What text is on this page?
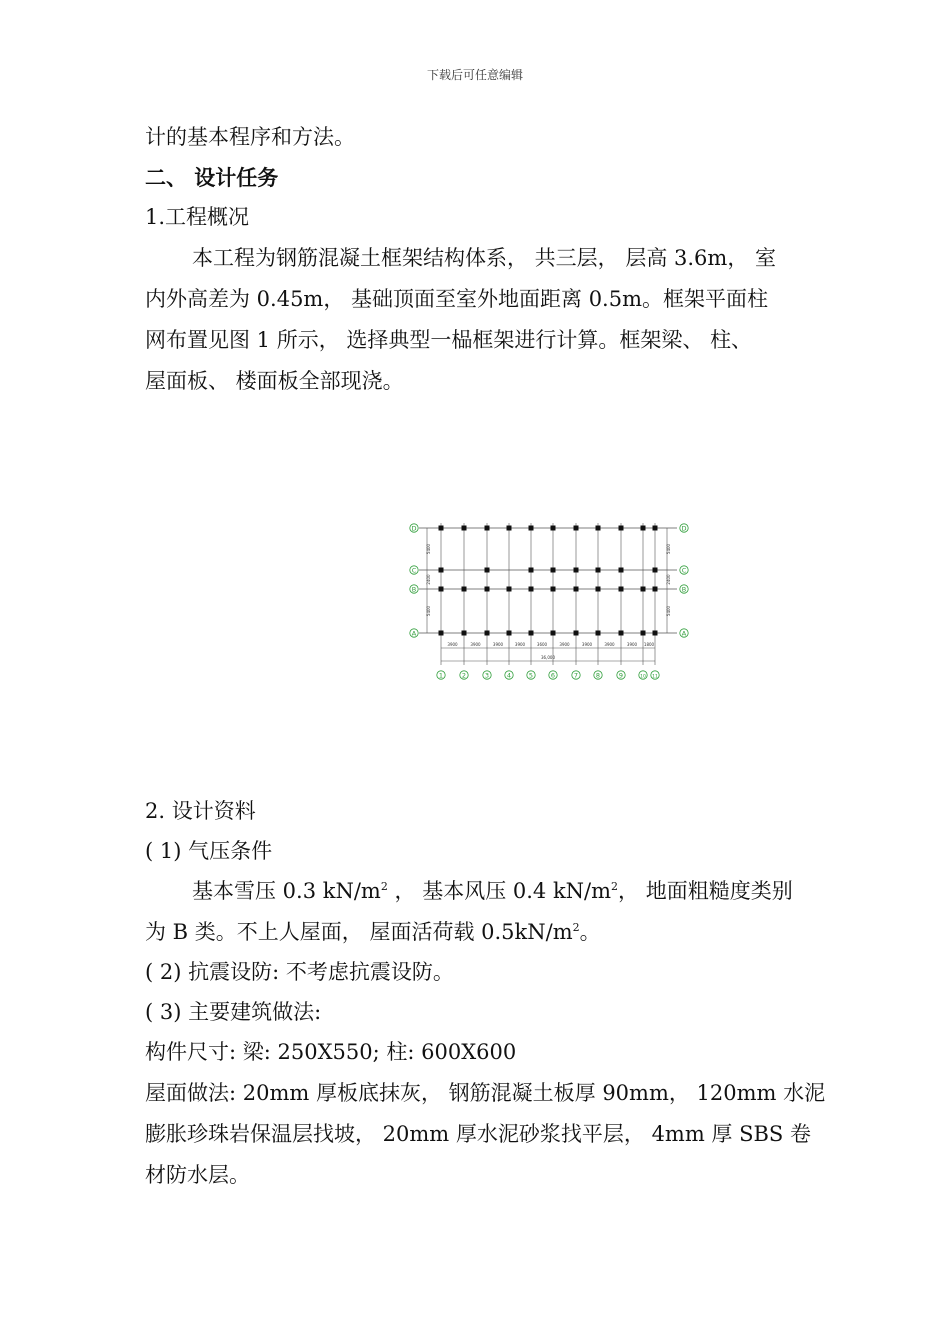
下载后可任意编辑
计的基本程序和方法。
二、 设计任务
1.工程概况
本工程为钢筋混凝土框架结构体系， 共三层， 层高 3.6m， 室
内外高差为 0.45m， 基础顶面至室外地面距离 0.5m。框架平面柱
网布置见图 1 所示， 选择典型一榀框架进行计算。框架梁、 柱、
屋面板、 楼面板全部现浇。
D	D
C	C
B	B
A	A
5400	5400
2400	2400
5400	5400
3900	3900	3900	3900	3600	3900	3900	3900	3900 1800
36,000
1	2	3	4	5	6	7	8	9	10 11
2. 设计资料
( 1) 气压条件
基本雪压 0.3 $kN/m^2$ ， 基本风压 0.4 $kN/m^2$， 地面粗糙度类别
为 B 类。不上人屋面， 屋面活荷载 $0.5kN/m^2$。
( 2) 抗震设防: 不考虑抗震设防。
( 3) 主要建筑做法:
构件尺寸: 梁: 250X550; 柱: 600X600
屋面做法: 20mm 厚板底抹灰， 钢筋混凝土板厚 90mm， 120mm 水泥
膨胀珍珠岩保温层找坡， 20mm 厚水泥砂浆找平层， 4mm 厚 SBS 卷
材防水层。
